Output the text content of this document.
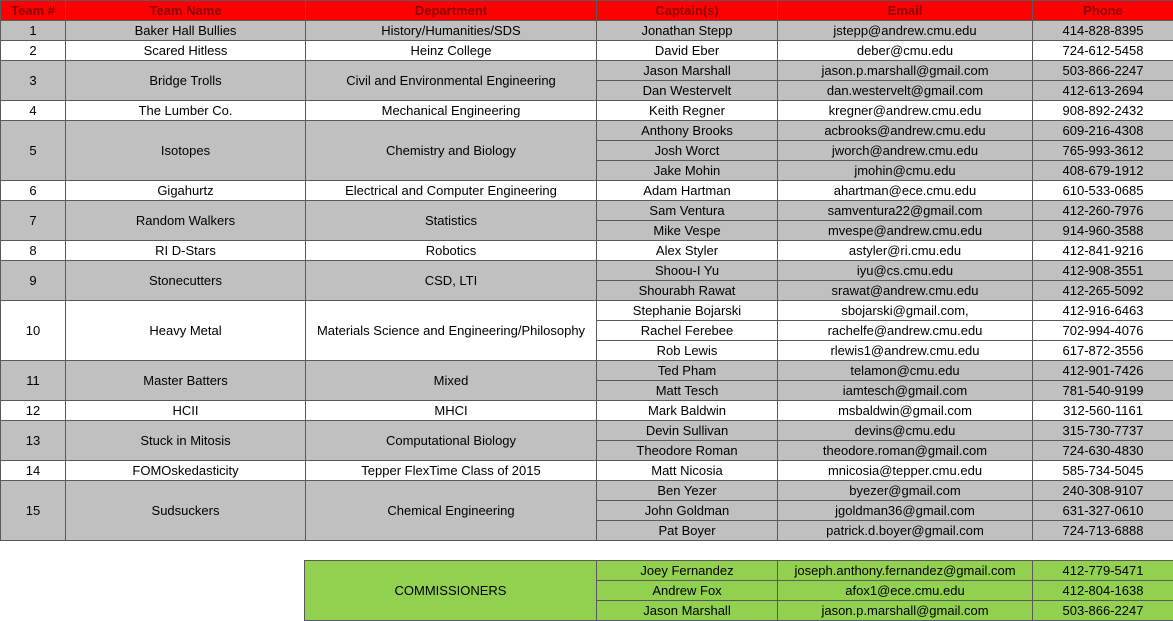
Team #	Team Name	Department	Captain(s)	Email	Phone
1	Baker Hall Bullies	History/Humanities/SDS	Jonathan Stepp	jstepp@andrew.cmu.edu	414-828-8395
2	Scared Hitless	Heinz College	David Eber	deber@cmu.edu	724-612-5458
3	Bridge Trolls	Civil and Environmental Engineering	Jason Marshall	jason.p.marshall@gmail.com	503-866-2247
			Dan Westervelt	dan.westervelt@gmail.com	412-613-2694
4	The Lumber Co.	Mechanical Engineering	Keith Regner	kregner@andrew.cmu.edu	908-892-2432
5	Isotopes	Chemistry and Biology	Anthony Brooks	acbrooks@andrew.cmu.edu	609-216-4308
			Josh Worct	jworch@andrew.cmu.edu	765-993-3612
			Jake Mohin	jmohin@cmu.edu	408-679-1912
6	Gigahurtz	Electrical and Computer Engineering	Adam Hartman	ahartman@ece.cmu.edu	610-533-0685
7	Random Walkers	Statistics	Sam Ventura	samventura22@gmail.com	412-260-7976
			Mike Vespe	mvespe@andrew.cmu.edu	914-960-3588
8	RI D-Stars	Robotics	Alex Styler	astyler@ri.cmu.edu	412-841-9216
9	Stonecutters	CSD, LTI	Shoou-I Yu	iyu@cs.cmu.edu	412-908-3551
			Shourabh Rawat	srawat@andrew.cmu.edu	412-265-5092
10	Heavy Metal	Materials Science and Engineering/Philosophy	Stephanie Bojarski	sbojarski@gmail.com,	412-916-6463
			Rachel Ferebee	rachelfe@andrew.cmu.edu	702-994-4076
			Rob Lewis	rlewis1@andrew.cmu.edu	617-872-3556
11	Master Batters	Mixed	Ted Pham	telamon@cmu.edu	412-901-7426
			Matt Tesch	iamtesch@gmail.com	781-540-9199
12	HCII	MHCI	Mark Baldwin	msbaldwin@gmail.com	312-560-1161
13	Stuck in Mitosis	Computational Biology	Devin Sullivan	devins@cmu.edu	315-730-7737
			Theodore Roman	theodore.roman@gmail.com	724-630-4830
14	FOMOskedasticity	Tepper FlexTime Class of 2015	Matt Nicosia	mnicosia@tepper.cmu.edu	585-734-5045
15	Sudsuckers	Chemical Engineering	Ben Yezer	byezer@gmail.com	240-308-9107
			John Goldman	jgoldman36@gmail.com	631-327-0610
			Pat Boyer	patrick.d.boyer@gmail.com	724-713-6888
COMMISSIONERS	Joey Fernandez	joseph.anthony.fernandez@gmail.com	412-779-5471
	Andrew Fox	afox1@ece.cmu.edu	412-804-1638
	Jason Marshall	jason.p.marshall@gmail.com	503-866-2247
